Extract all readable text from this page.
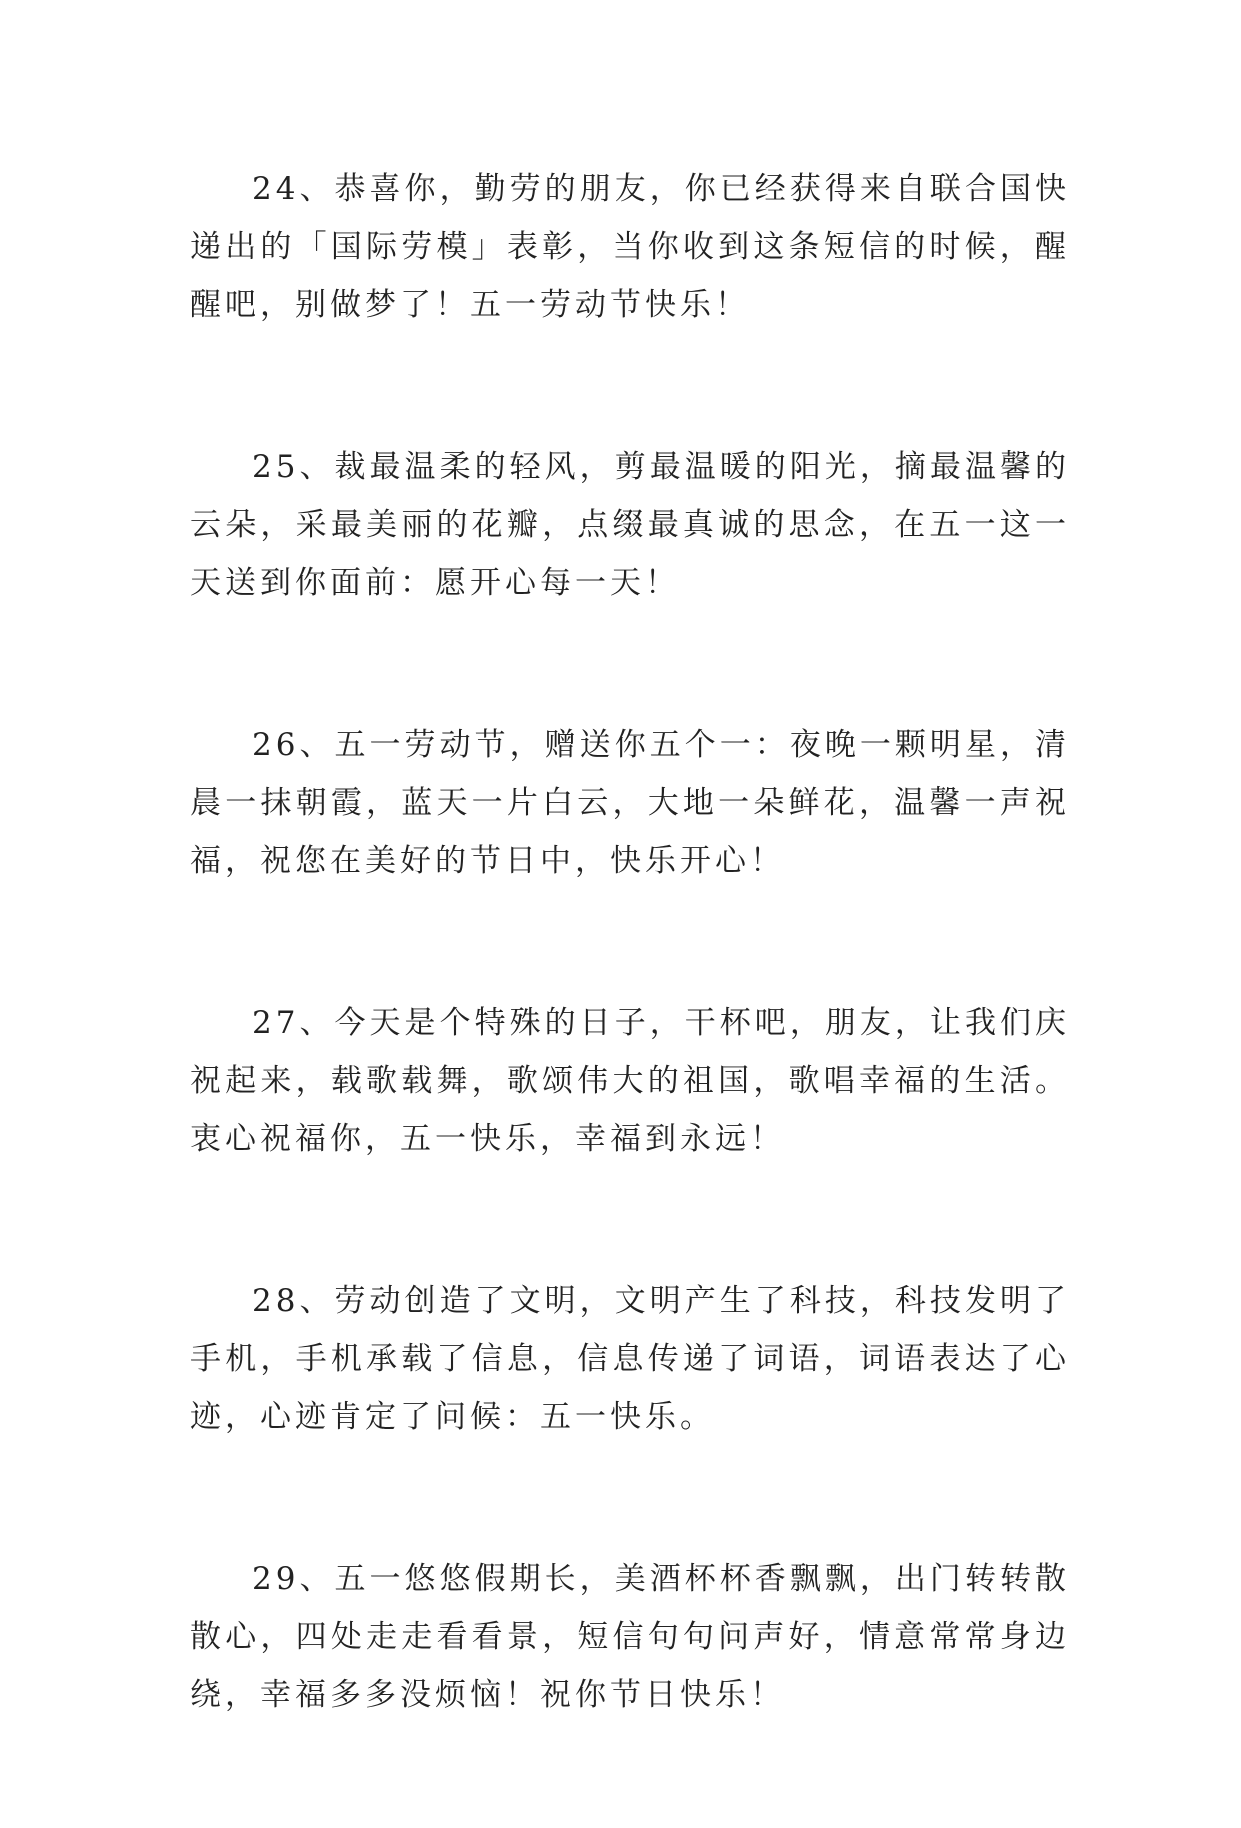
24、恭喜你，勤劳的朋友，你已经获得来自联合国快递出的「国际劳模」表彰，当你收到这条短信的时候，醒醒吧，别做梦了！五一劳动节快乐！

25、裁最温柔的轻风，剪最温暖的阳光，摘最温馨的云朵，采最美丽的花瓣，点缀最真诚的思念，在五一这一天送到你面前：愿开心每一天！

26、五一劳动节，赠送你五个一：夜晚一颗明星，清晨一抹朝霞，蓝天一片白云，大地一朵鲜花，温馨一声祝福，祝您在美好的节日中，快乐开心！

27、今天是个特殊的日子，干杯吧，朋友，让我们庆祝起来，载歌载舞，歌颂伟大的祖国，歌唱幸福的生活。衷心祝福你，五一快乐，幸福到永远！

28、劳动创造了文明，文明产生了科技，科技发明了手机，手机承载了信息，信息传递了词语，词语表达了心迹，心迹肯定了问候：五一快乐。

29、五一悠悠假期长，美酒杯杯香飘飘，出门转转散散心，四处走走看看景，短信句句问声好，情意常常身边绕，幸福多多没烦恼！祝你节日快乐！
